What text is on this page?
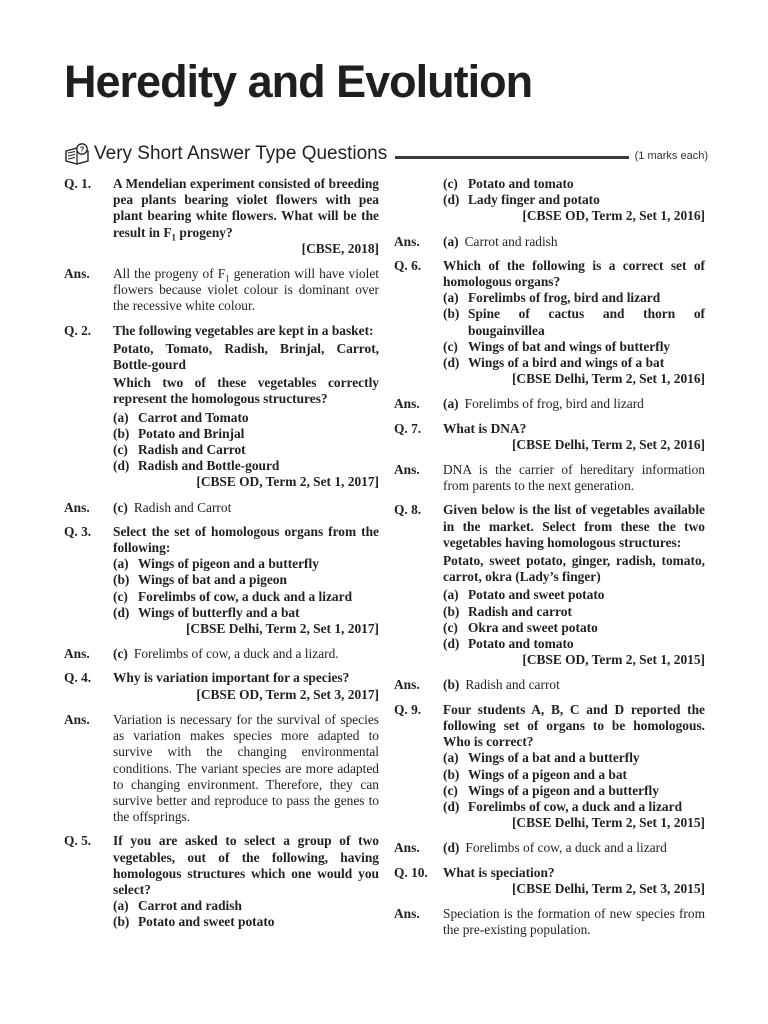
Heredity and Evolution
? Very Short Answer Type Questions	(1 marks each)
Q. 1.	A Mendelian experiment consisted of breeding pea plants bearing violet flowers with pea plant bearing white flowers. What will be the result in $F_1$ progeny?
[CBSE, 2018]
Ans.	All the progeny of $F_1$ generation will have violet flowers because violet colour is dominant over the recessive white colour.
Q. 2.	The following vegetables are kept in a basket:
Potato, Tomato, Radish, Brinjal, Carrot, Bottle-gourd
Which two of these vegetables correctly represent the homologous structures?
(a) Carrot and Tomato
(b) Potato and Brinjal
(c) Radish and Carrot
(d) Radish and Bottle-gourd
[CBSE OD, Term 2, Set 1, 2017]
Ans.	(c) Radish and Carrot
Q. 3.	Select the set of homologous organs from the following:
(a) Wings of pigeon and a butterfly
(b) Wings of bat and a pigeon
(c) Forelimbs of cow, a duck and a lizard
(d) Wings of butterfly and a bat
[CBSE Delhi, Term 2, Set 1, 2017]
Ans.	(c) Forelimbs of cow, a duck and a lizard.
Q. 4.	Why is variation important for a species?
[CBSE OD, Term 2, Set 3, 2017]
Ans.	Variation is necessary for the survival of species as variation makes species more adapted to survive with the changing environmental conditions. The variant species are more adapted to changing environment. Therefore, they can survive better and reproduce to pass the genes to the offsprings.
Q. 5.	If you are asked to select a group of two vegetables, out of the following, having homologous structures which one would you select?
(a) Carrot and radish
(b) Potato and sweet potato
(c) Potato and tomato
(d) Lady finger and potato
[CBSE OD, Term 2, Set 1, 2016]
Ans.	(a) Carrot and radish
Q. 6.	Which of the following is a correct set of homologous organs?
(a) Forelimbs of frog, bird and lizard
(b) Spine of cactus and thorn of bougainvillea
(c) Wings of bat and wings of butterfly
(d) Wings of a bird and wings of a bat
[CBSE Delhi, Term 2, Set 1, 2016]
Ans.	(a) Forelimbs of frog, bird and lizard
Q. 7.	What is DNA?
[CBSE Delhi, Term 2, Set 2, 2016]
Ans.	DNA is the carrier of hereditary information from parents to the next generation.
Q. 8.	Given below is the list of vegetables available in the market. Select from these the two vegetables having homologous structures:
Potato, sweet potato, ginger, radish, tomato, carrot, okra (Lady’s finger)
(a) Potato and sweet potato
(b) Radish and carrot
(c) Okra and sweet potato
(d) Potato and tomato
[CBSE OD, Term 2, Set 1, 2015]
Ans.	(b) Radish and carrot
Q. 9.	Four students A, B, C and D reported the following set of organs to be homologous. Who is correct?
(a) Wings of a bat and a butterfly
(b) Wings of a pigeon and a bat
(c) Wings of a pigeon and a butterfly
(d) Forelimbs of cow, a duck and a lizard
[CBSE Delhi, Term 2, Set 1, 2015]
Ans.	(d) Forelimbs of cow, a duck and a lizard
Q. 10.	What is speciation?
[CBSE Delhi, Term 2, Set 3, 2015]
Ans.	Speciation is the formation of new species from the pre-existing population.
